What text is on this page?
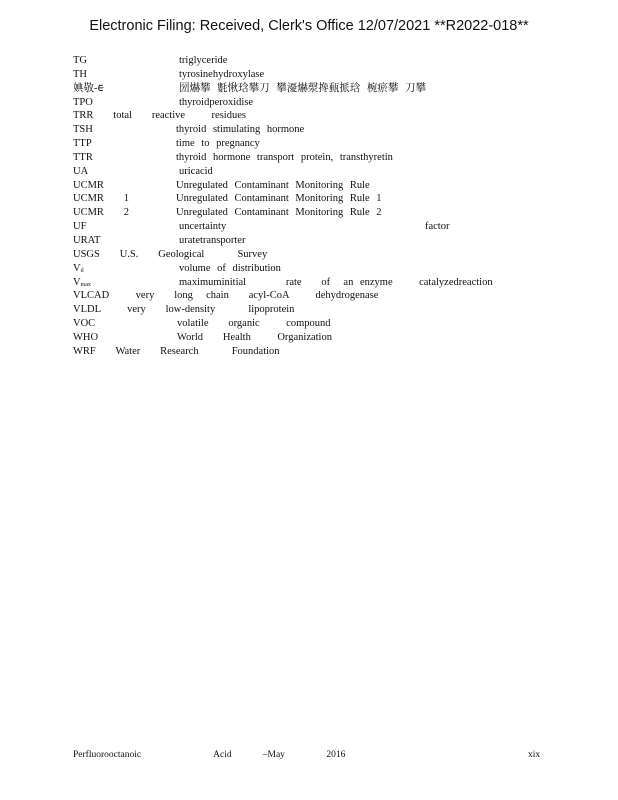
Electronic Filing: Received, Clerk's Office 12/07/2021 **R2022-018**
TG	triglyceride
TH	tyrosinehydroxylase
婰敬‐ᰀ	圀爀攀 氀愀琀攀刀 攀瀀爀漀搀甀挀琀 椀瘀攀 刀攀
TPO	thyroidperoxidise
TRR   total   reactive    residues
TSH	thyroid stimulating hormone
TTP	time to pregnancy
TTR	thyroid hormone transport protein, transthyretin
UA	uricacid
UCMR	Unregulated Contaminant Monitoring Rule
UCMR   1	Unregulated Contaminant Monitoring Rule 1
UCMR   2	Unregulated Contaminant Monitoring Rule 2
UF	uncertainty                              factor
URAT	uratetransporter
USGS   U.S.   Geological     Survey
$V_d$	volume of distribution
$V_{max}$	maximuminitial      rate   of  an enzyme    catalyzedreaction
VLCAD    very   long  chain   acyl-CoA    dehydrogenase
VLDL    very   low-density     lipoprotein
VOC	volatile   organic    compound
WHO	World   Health    Organization
WRF   Water   Research     Foundation
Perfluorooctanoic       Acid   –May    2016	xix
